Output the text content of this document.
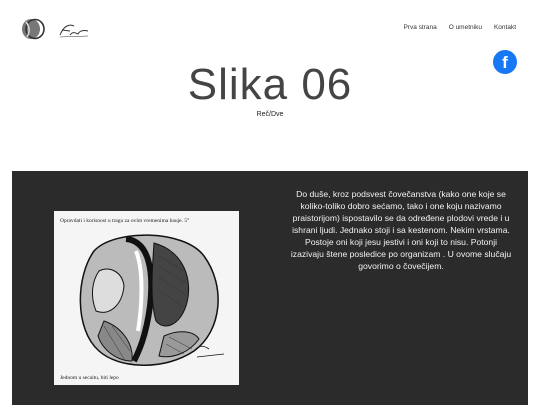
Prva strana O umetniku Kontakt
f
Slika 06
Reč/Dve
Opravdati i korisnost u tragu za ovim vremenima bauje. 5°
Jednom u secaitu, biti lepo

Do duše, kroz podsvest čovečanstva (kako one koje se koliko-toliko dobro sećamo, tako i one koju nazivamo praistorijom) ispostavilo se da određene plodovi vrede i u ishrani ljudi. Jednako stoji i sa kestenom. Nekim vrstama. Postoje oni koji jesu jestivi i oni koji to nisu. Potonji izazivaju štene posledice po organizam . U ovome slučaju govorimo o čovečijem.
